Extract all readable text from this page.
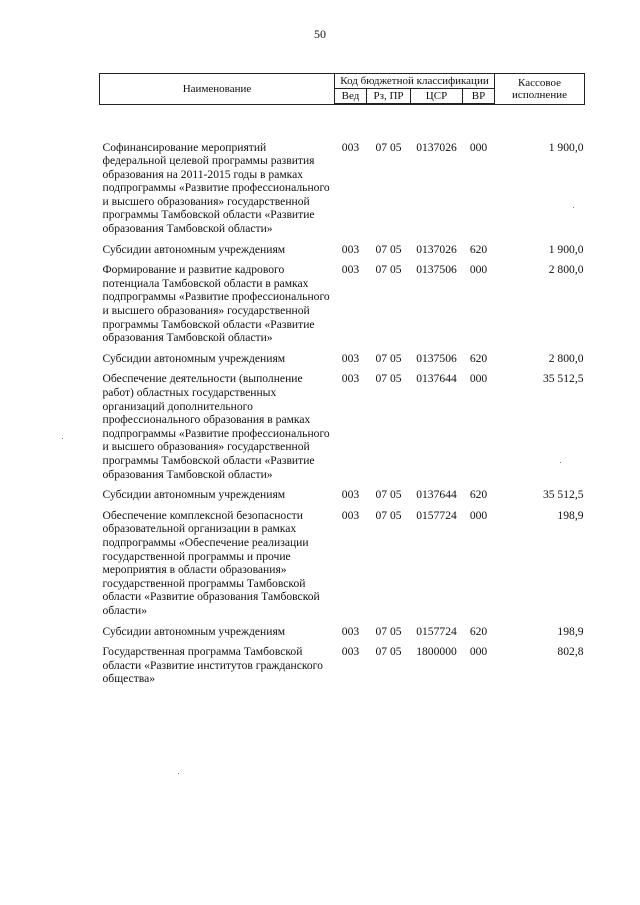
50
Наименование	Код бюджетной классификации				Кассовое исполнение
	Вед	Рз, ПР	ЦСР	ВР	
Софинансирование мероприятий федеральной целевой программы развития образования на 2011-2015 годы в рамках подпрограммы «Развитие профессионального и высшего образования» государственной программы Тамбовской области «Развитие образования Тамбовской области»	003	07 05	0137026	000	1 900,0
Субсидии автономным учреждениям	003	07 05	0137026	620	1 900,0
Формирование и развитие кадрового потенциала Тамбовской области в рамках подпрограммы «Развитие профессионального и высшего образования» государственной программы Тамбовской области «Развитие образования Тамбовской области»	003	07 05	0137506	000	2 800,0
Субсидии автономным учреждениям	003	07 05	0137506	620	2 800,0
Обеспечение деятельности (выполнение работ) областных государственных организаций дополнительного профессионального образования в рамках подпрограммы «Развитие профессионального и высшего образования» государственной программы Тамбовской области «Развитие образования Тамбовской области»	003	07 05	0137644	000	35 512,5
Субсидии автономным учреждениям	003	07 05	0137644	620	35 512,5
Обеспечение комплексной безопасности образовательной организации в рамках подпрограммы «Обеспечение реализации государственной программы и прочие мероприятия в области образования» государственной программы Тамбовской области «Развитие образования Тамбовской области»	003	07 05	0157724	000	198,9
Субсидии автономным учреждениям	003	07 05	0157724	620	198,9
Государственная программа Тамбовской области «Развитие институтов гражданского общества»	003	07 05	1800000	000	802,8
